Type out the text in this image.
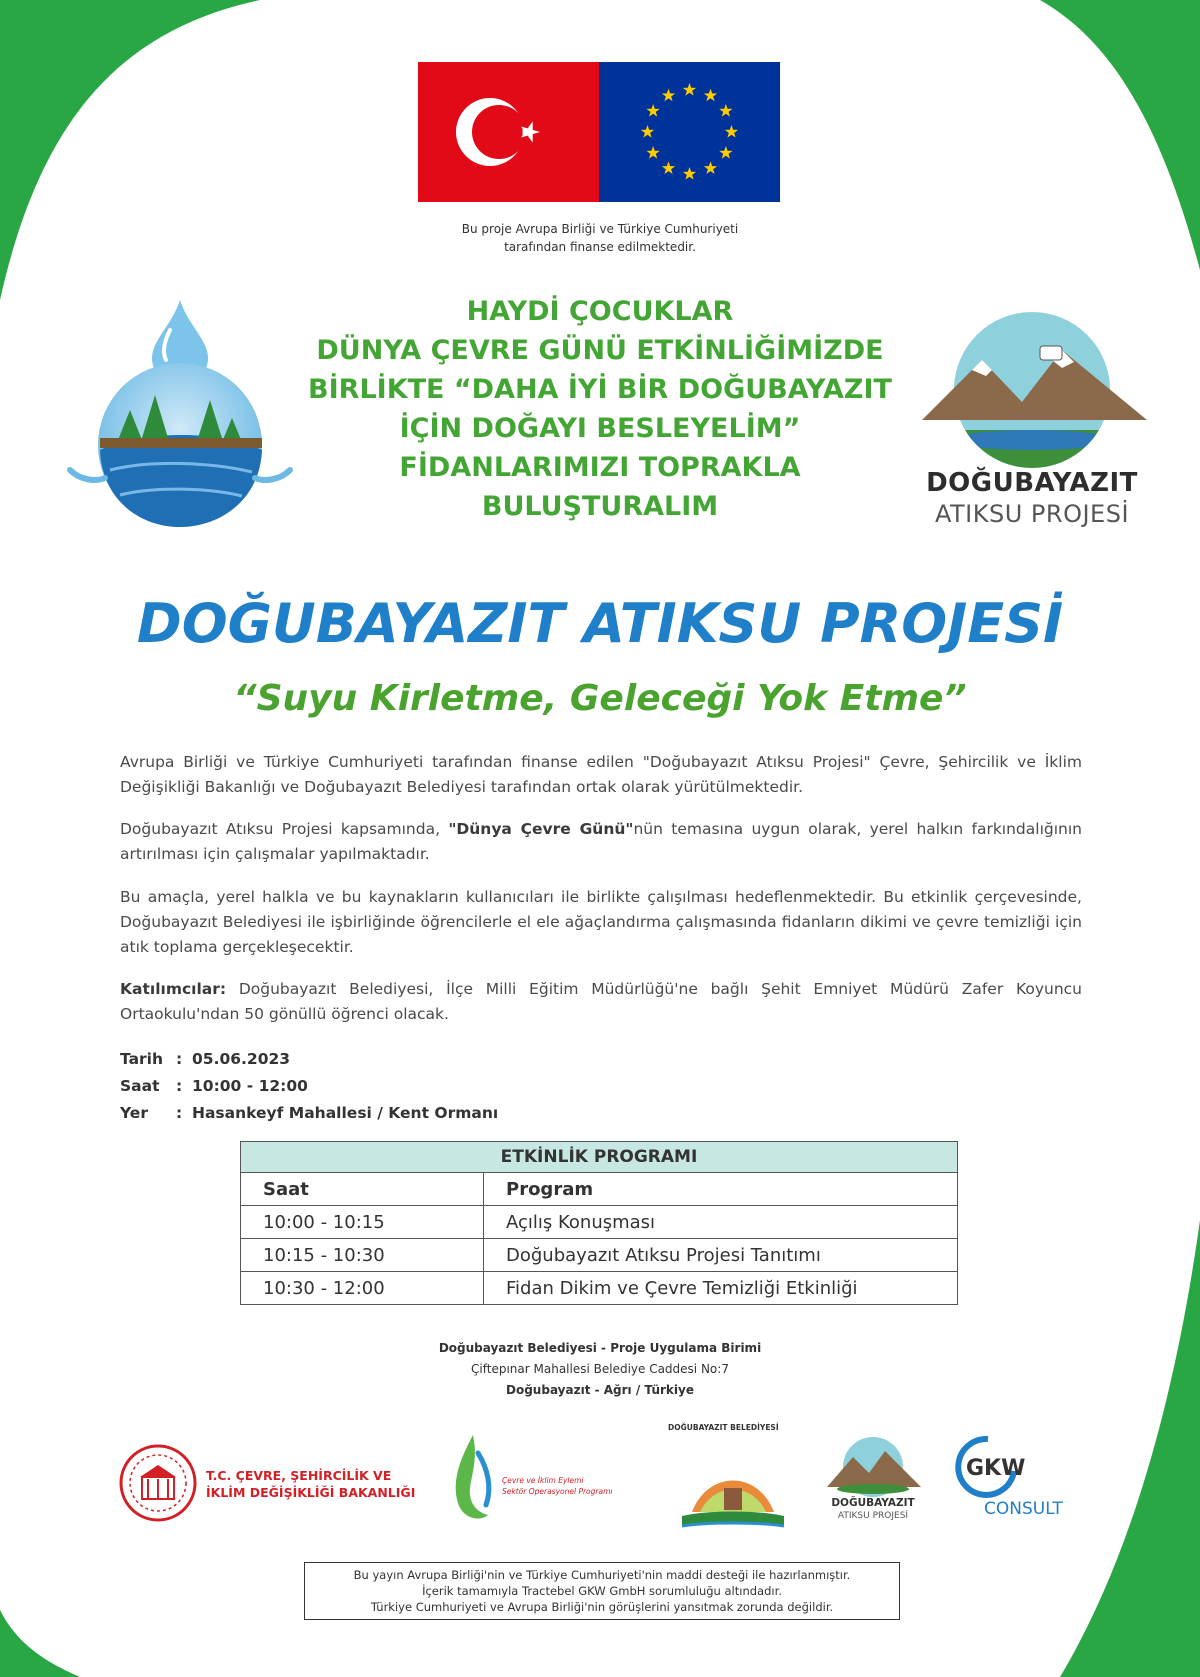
Bu proje Avrupa Birliği ve Türkiye Cumhuriyeti
tarafından finanse edilmektedir.
HAYDİ ÇOCUKLAR
DÜNYA ÇEVRE GÜNÜ ETKİNLİĞİMİZDE
BİRLİKTE “DAHA İYİ BİR DOĞUBAYAZIT
İÇİN DOĞAYI BESLEYELİM”
FİDANLARIMIZI TOPRAKLA
BULUŞTURALIM
DOĞUBAYAZIT
ATIKSU PROJESİ
DOĞUBAYAZIT ATIKSU PROJESİ
“Suyu Kirletme, Geleceği Yok Etme”
Avrupa Birliği ve Türkiye Cumhuriyeti tarafından finanse edilen "Doğubayazıt Atıksu Projesi" Çevre, Şehircilik ve İklim Değişikliği Bakanlığı ve Doğubayazıt Belediyesi tarafından ortak olarak yürütülmektedir.
Doğubayazıt Atıksu Projesi kapsamında, "Dünya Çevre Günü"nün temasına uygun olarak, yerel halkın farkındalığının artırılması için çalışmalar yapılmaktadır.
Bu amaçla, yerel halkla ve bu kaynakların kullanıcıları ile birlikte çalışılması hedeflenmektedir. Bu etkinlik çerçevesinde, Doğubayazıt Belediyesi ile işbirliğinde öğrencilerle el ele ağaçlandırma çalışmasında fidanların dikimi ve çevre temizliği için atık toplama gerçekleşecektir.
Katılımcılar: Doğubayazıt Belediyesi, İlçe Milli Eğitim Müdürlüğü'ne bağlı Şehit Emniyet Müdürü Zafer Koyuncu Ortaokulu'ndan 50 gönüllü öğrenci olacak.
Tarih : 05.06.2023
Saat	: 10:00 - 12:00
Yer	: Hasankeyf Mahallesi / Kent Ormanı
ETKİNLİK PROGRAMI	
Saat	Program
10:00 - 10:15	Açılış Konuşması
10:15 - 10:30	Doğubayazıt Atıksu Projesi Tanıtımı
10:30 - 12:00	Fidan Dikim ve Çevre Temizliği Etkinliği
Doğubayazıt Belediyesi - Proje Uygulama Birimi
Çiftepınar Mahallesi Belediye Caddesi No:7
Doğubayazıt - Ağrı / Türkiye
T.C. ÇEVRE, ŞEHİRCİLİK VE
İKLİM DEĞİŞİKLİĞİ BAKANLIĞI
Çevre ve İklim Eylemi
Sektör Operasyonel Programı
DOĞUBAYAZIT BELEDİYESİ
DOĞUBAYAZIT
ATIKSU PROJESİ
GKW
CONSULT
Bu yayın Avrupa Birliği'nin ve Türkiye Cumhuriyeti'nin maddi desteği ile hazırlanmıştır.
İçerik tamamıyla Tractebel GKW GmbH sorumluluğu altındadır.
Türkiye Cumhuriyeti ve Avrupa Birliği'nin görüşlerini yansıtmak zorunda değildir.
